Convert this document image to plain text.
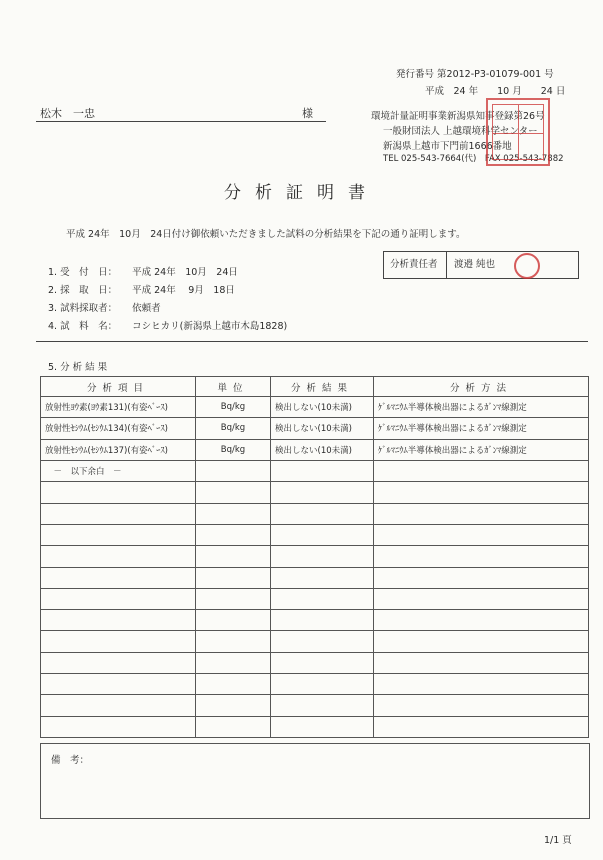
発行番号 第2012-P3-01079-001 号
平成　24 年　　10 月　　24 日
松木　一忠	様	環境計量証明事業新潟県知事登録第26号
一般財団法人 上越環境科学センター
新潟県上越市下門前1666番地
TEL 025-543-7664(代)　FAX 025-543-7882
分析証明書
平成 24年　10月　24日付け御依頼いただきました試料の分析結果を下記の通り証明します。
分析責任者 渡邉 純也
1. 受　付　日： 平成 24年　10月　24日
2. 採　取　日： 平成 24年　 9月　18日
3. 試料採取者： 依頼者
4. 試　料　名： コシヒカリ(新潟県上越市木島1828)
5. 分 析 結 果
分析項目	単位	分析結果	分析方法
放射性ﾖｳ素(ﾖｳ素131)(有姿ﾍﾞｰｽ)	Bq/kg	検出しない(10未満)	ｹﾞﾙﾏﾆｳﾑ半導体検出器によるｶﾞﾝﾏ線測定
放射性ｾｼｳﾑ(ｾｼｳﾑ134)(有姿ﾍﾞｰｽ)	Bq/kg	検出しない(10未満)	ｹﾞﾙﾏﾆｳﾑ半導体検出器によるｶﾞﾝﾏ線測定
放射性ｾｼｳﾑ(ｾｼｳﾑ137)(有姿ﾍﾞｰｽ)	Bq/kg	検出しない(10未満)	ｹﾞﾙﾏﾆｳﾑ半導体検出器によるｶﾞﾝﾏ線測定
　－　以下余白　－			

備　考：
1/1 頁
